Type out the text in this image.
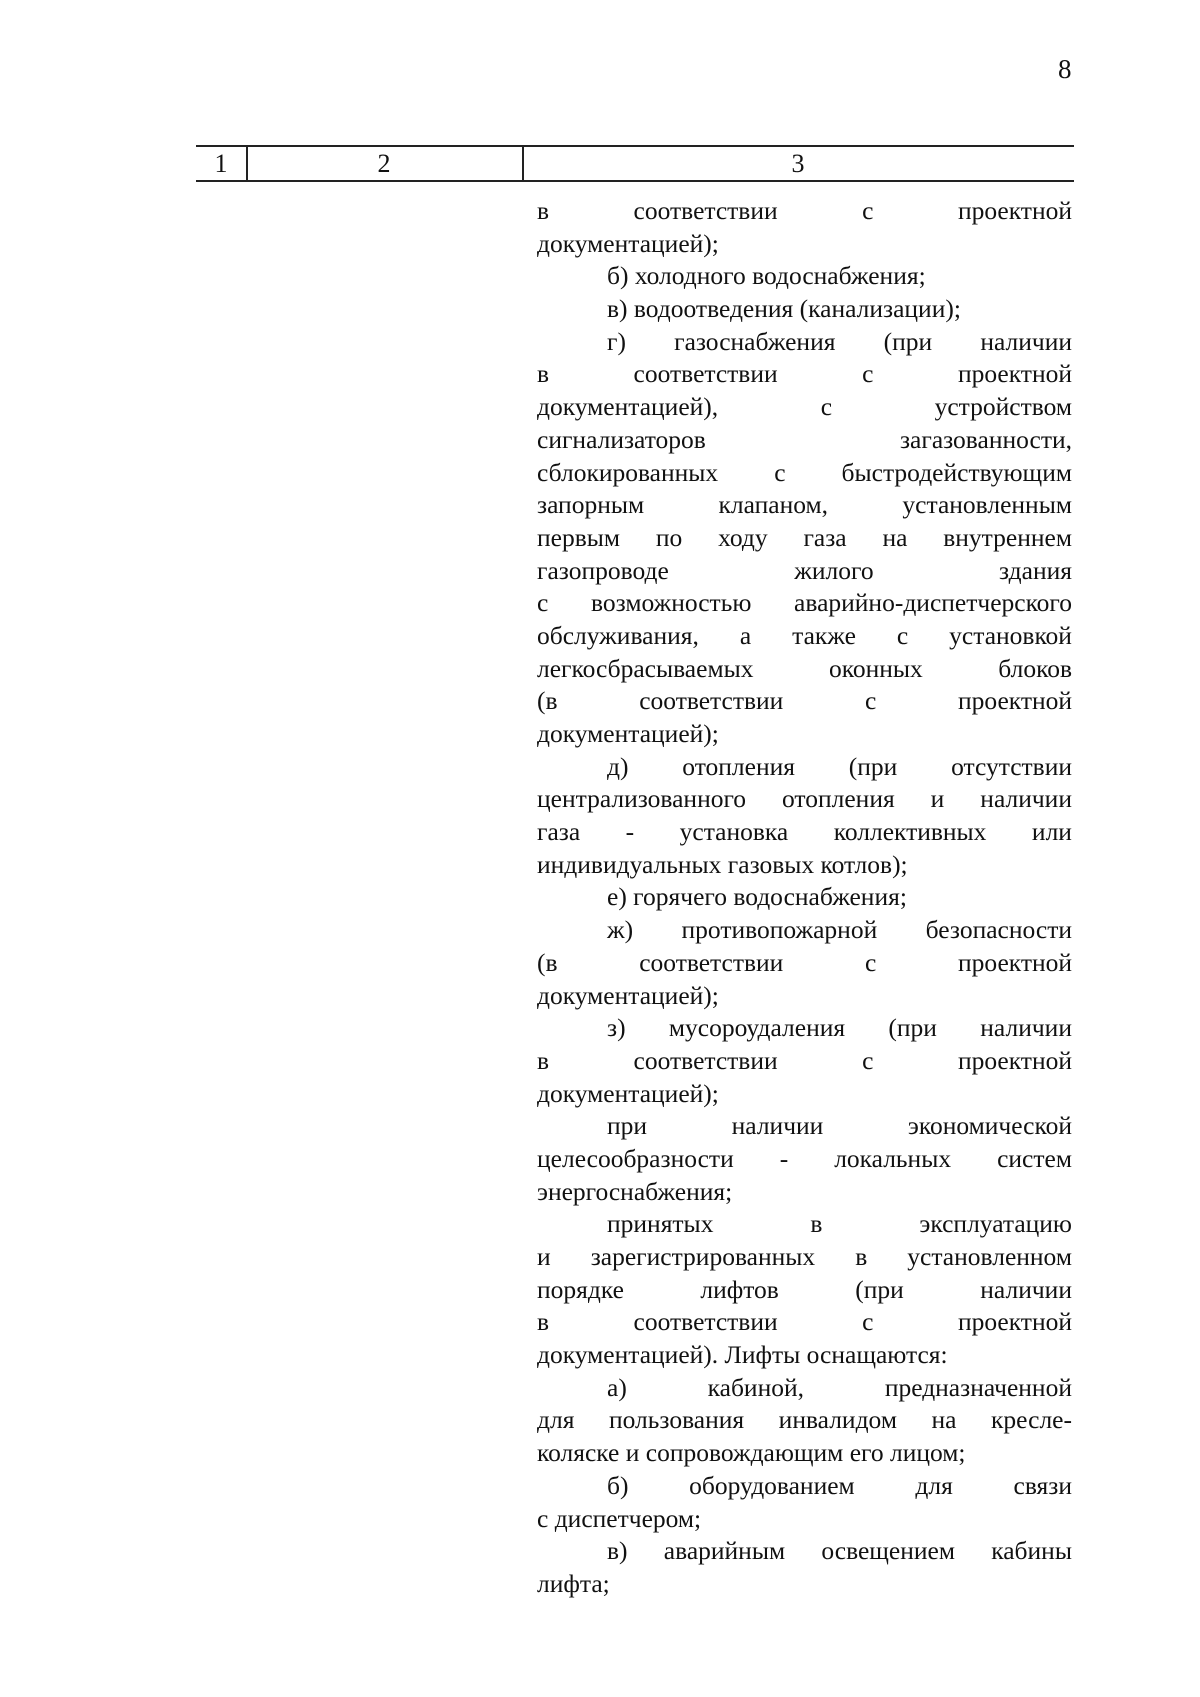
8
1	2	3
в	соответствии	с	проектной
документацией);
б) холодного водоснабжения;
в) водоотведения (канализации);
г) газоснабжения (при наличии
в	соответствии	с	проектной
документацией),	с	устройством
сигнализаторов	загазованности,
сблокированных с быстродействующим
запорным	клапаном,	установленным
первым по ходу газа на внутреннем
газопроводе	жилого	здания
с возможностью аварийно-диспетчерского
обслуживания, а также с установкой
легкосбрасываемых	оконных	блоков
(в	соответствии	с	проектной
документацией);
д) отопления (при отсутствии
централизованного отопления и наличии
газа - установка коллективных или
индивидуальных газовых котлов);
е) горячего водоснабжения;
ж) противопожарной безопасности
(в	соответствии	с	проектной
документацией);
з) мусороудаления (при наличии
в	соответствии	с	проектной
документацией);
при	наличии	экономической
целесообразности - локальных систем
энергоснабжения;
принятых	в	эксплуатацию
и зарегистрированных в установленном
порядке	лифтов	(при	наличии
в	соответствии	с	проектной
документацией). Лифты оснащаются:
а)	кабиной,	предназначенной
для пользования инвалидом на кресле-
коляске и сопровождающим его лицом;
б) оборудованием для связи
с диспетчером;
в) аварийным освещением кабины
лифта;
